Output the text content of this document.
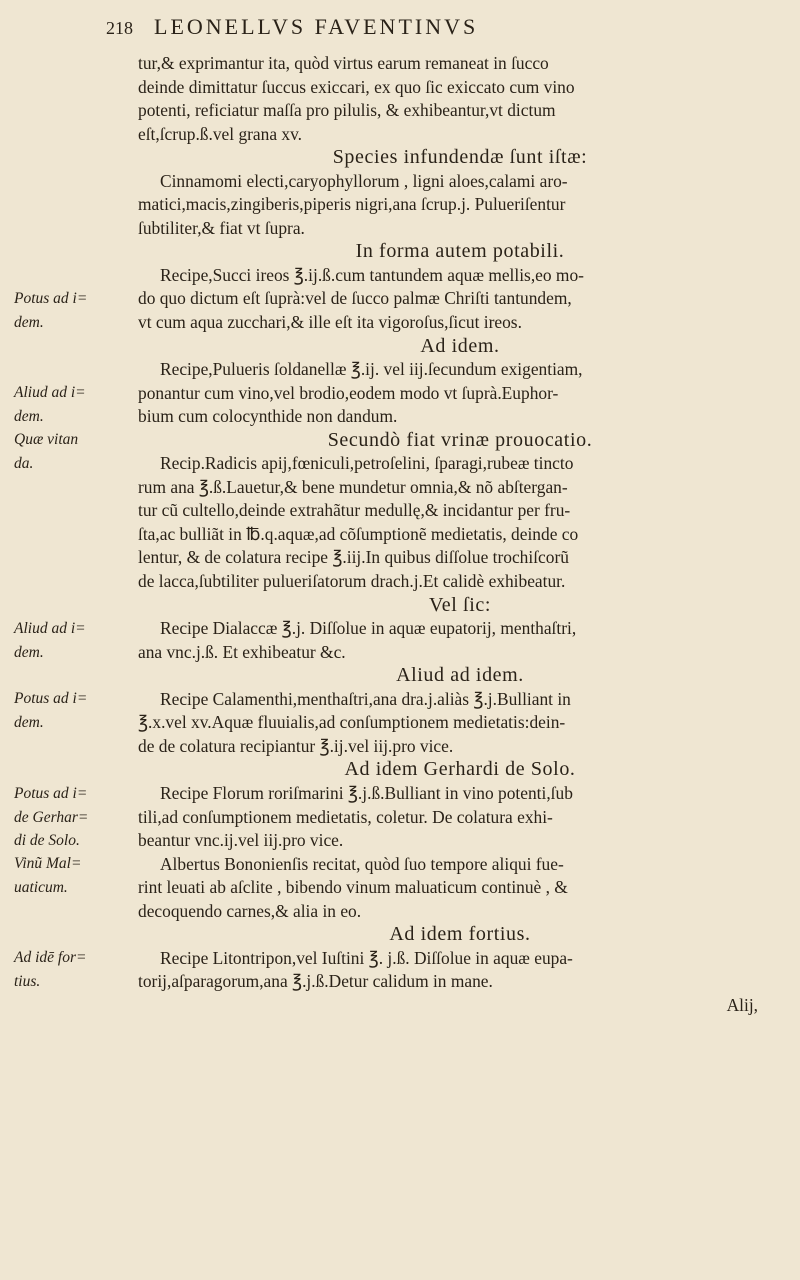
218 LEONELLVS FAVENTINVS
tur,& exprimantur ita, quòd virtus earum remaneat in ſucco
deinde dimittatur ſuccus exiccari, ex quo ſic exiccato cum vino
potenti, reficiatur maſſa pro pilulis, & exhibeantur,vt dictum
eſt,ſcrup.ß.vel grana xv.
Species infundendæ ſunt iſtæ:
Cinnamomi electi,caryophyllorum , ligni aloes,calami aro-
matici,macis,zingiberis,piperis nigri,ana ſcrup.j. Pulueriſentur
ſubtiliter,& fiat vt ſupra.
In forma autem potabili.
Recipe,Succi ireos ℥.ij.ß.cum tantundem aquæ mellis,eo mo-
do quo dictum eſt ſuprà:vel de ſucco palmæ Chriſti tantundem,
vt cum aqua zucchari,& ille eſt ita vigoroſus,ſicut ireos.
Ad idem.
Recipe,Pulueris ſoldanellæ ℥.ij. vel iij.ſecundum exigentiam,
ponantur cum vino,vel brodio,eodem modo vt ſuprà.Euphor-
bium cum colocynthide non dandum.
Secundò fiat vrinæ prouocatio.
Recip.Radicis apij,fœniculi,petroſelini, ſparagi,rubeæ tincto
rum ana ℥.ß.Lauetur,& bene mundetur omnia,& nõ abſtergan-
tur cũ cultello,deinde extrahãtur medullę,& incidantur per fru-
ſta,ac bulliãt in ℔.q.aquæ,ad cõſumptionẽ medietatis, deinde co
lentur, & de colatura recipe ℥.iij.In quibus diſſolue trochiſcorũ
de lacca,ſubtiliter pulueriſatorum drach.j.Et calidè exhibeatur.
Vel ſic:
Recipe Dialaccæ ℥.j. Diſſolue in aquæ eupatorij, menthaſtri,
ana vnc.j.ß. Et exhibeatur &c.
Aliud ad idem.
Recipe Calamenthi,menthaſtri,ana dra.j.aliàs ℥.j.Bulliant in
℥.x.vel xv.Aquæ fluuialis,ad conſumptionem medietatis:dein-
de de colatura recipiantur ℥.ij.vel iij.pro vice.
Ad idem Gerhardi de Solo.
Recipe Florum roriſmarini ℥.j.ß.Bulliant in vino potenti,ſub
tili,ad conſumptionem medietatis, coletur. De colatura exhi-
beantur vnc.ij.vel iij.pro vice.
Albertus Bononienſis recitat, quòd ſuo tempore aliqui fue-
rint leuati ab aſclite , bibendo vinum maluaticum continuè , &
decoquendo carnes,& alia in eo.
Ad idem fortius.
Recipe Litontripon,vel Iuſtini ℥. j.ß. Diſſolue in aquæ eupa-
torij,aſparagorum,ana ℥.j.ß.Detur calidum in mane.
Alij,
Potus ad i=
dem.
Aliud ad i=
dem.
Quæ vitan
da.
Aliud ad i=
dem.
Potus ad i=
dem.
Potus ad i=
de Gerhar=
di de Solo.
Vinũ Mal=
uaticum.
Ad idē for=
tius.
